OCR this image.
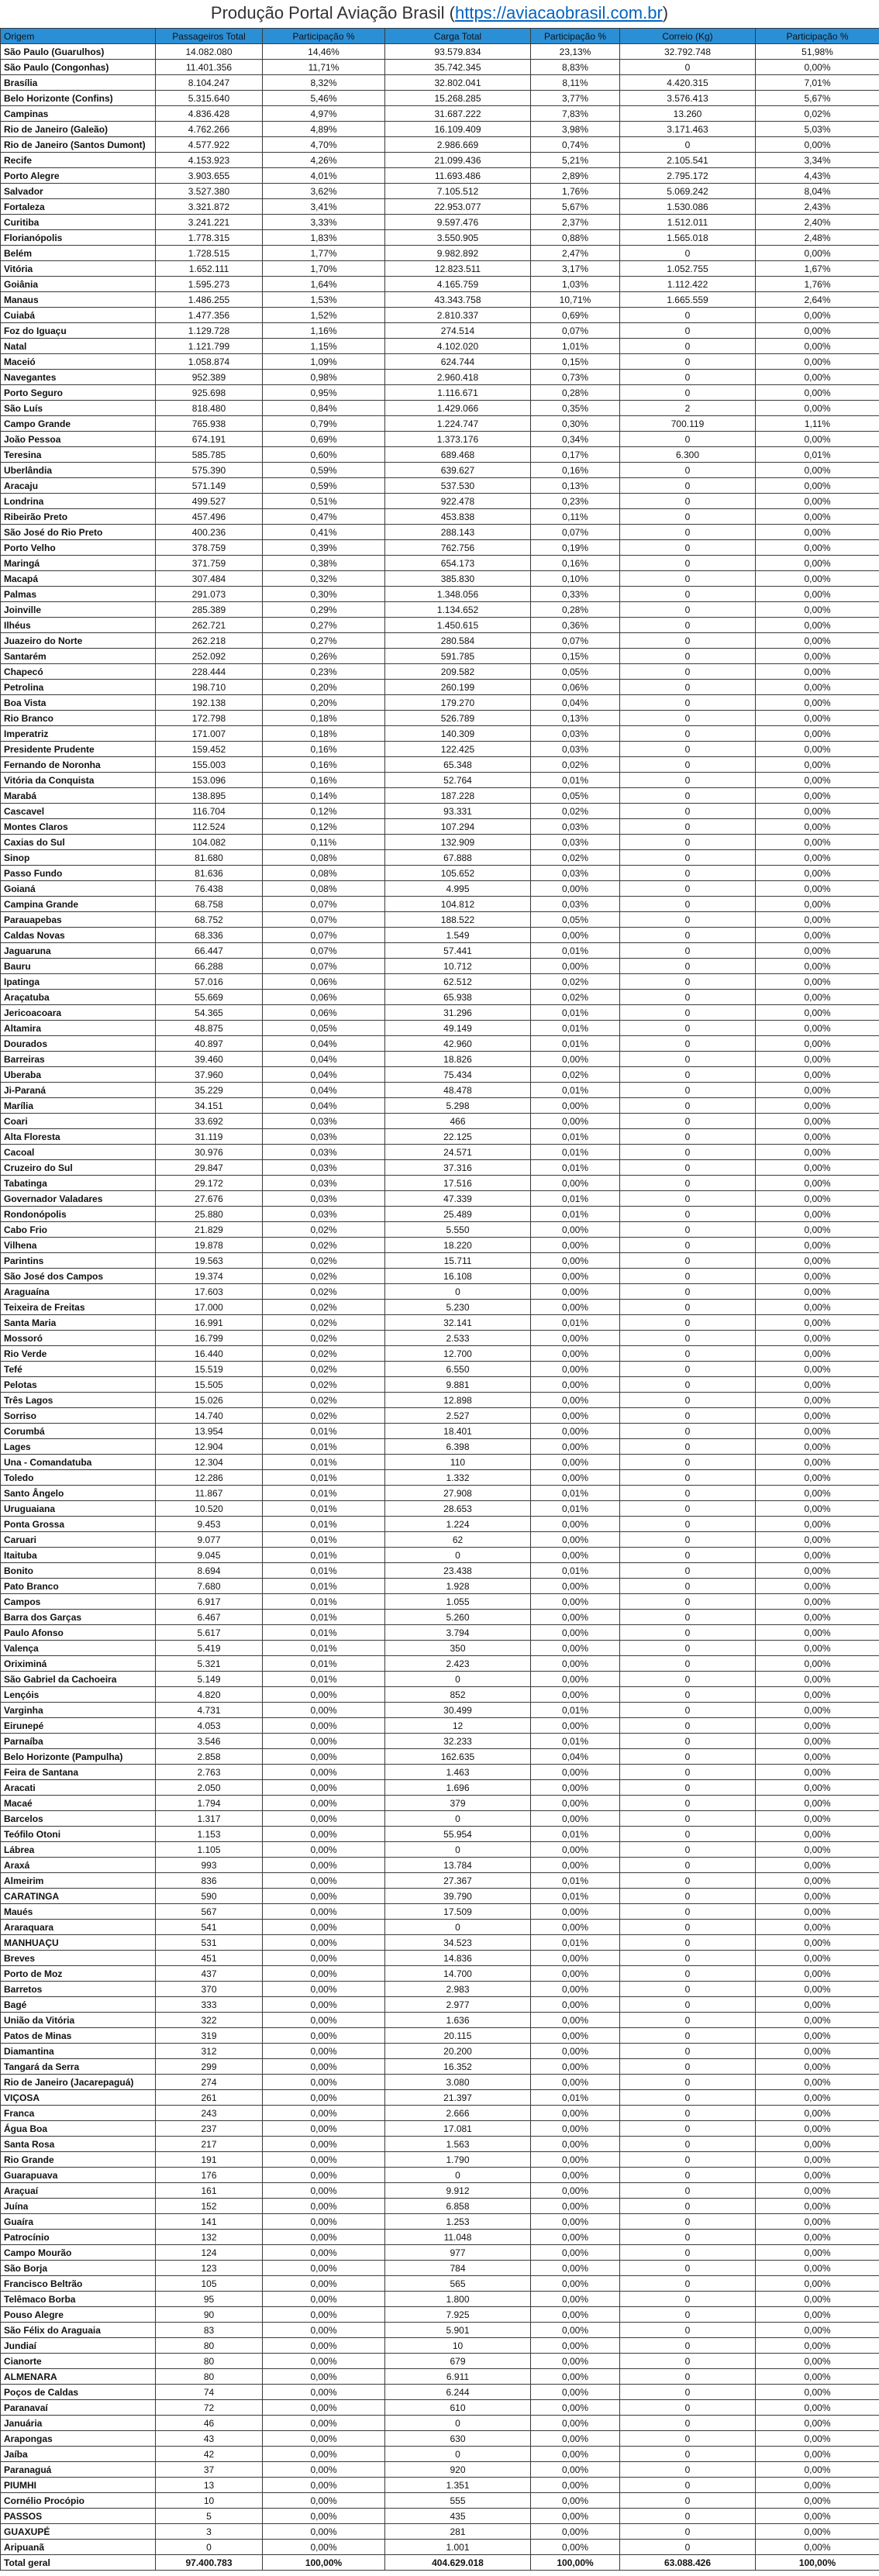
Produção Portal Aviação Brasil (https://aviacaobrasil.com.br)
Origem	Passageiros Total	Participação %	Carga Total	Participação %	Correio (Kg)	Participação %
São Paulo (Guarulhos)	14.082.080	14,46%	93.579.834	23,13%	32.792.748	51,98%
São Paulo (Congonhas)	11.401.356	11,71%	35.742.345	8,83%	0	0,00%
Brasília	8.104.247	8,32%	32.802.041	8,11%	4.420.315	7,01%
Belo Horizonte (Confins)	5.315.640	5,46%	15.268.285	3,77%	3.576.413	5,67%
Campinas	4.836.428	4,97%	31.687.222	7,83%	13.260	0,02%
Rio de Janeiro (Galeão)	4.762.266	4,89%	16.109.409	3,98%	3.171.463	5,03%
Rio de Janeiro (Santos Dumont)	4.577.922	4,70%	2.986.669	0,74%	0	0,00%
Recife	4.153.923	4,26%	21.099.436	5,21%	2.105.541	3,34%
Porto Alegre	3.903.655	4,01%	11.693.486	2,89%	2.795.172	4,43%
Salvador	3.527.380	3,62%	7.105.512	1,76%	5.069.242	8,04%
Fortaleza	3.321.872	3,41%	22.953.077	5,67%	1.530.086	2,43%
Curitiba	3.241.221	3,33%	9.597.476	2,37%	1.512.011	2,40%
Florianópolis	1.778.315	1,83%	3.550.905	0,88%	1.565.018	2,48%
Belém	1.728.515	1,77%	9.982.892	2,47%	0	0,00%
Vitória	1.652.111	1,70%	12.823.511	3,17%	1.052.755	1,67%
Goiânia	1.595.273	1,64%	4.165.759	1,03%	1.112.422	1,76%
Manaus	1.486.255	1,53%	43.343.758	10,71%	1.665.559	2,64%
Cuiabá	1.477.356	1,52%	2.810.337	0,69%	0	0,00%
Foz do Iguaçu	1.129.728	1,16%	274.514	0,07%	0	0,00%
Natal	1.121.799	1,15%	4.102.020	1,01%	0	0,00%
Maceió	1.058.874	1,09%	624.744	0,15%	0	0,00%
Navegantes	952.389	0,98%	2.960.418	0,73%	0	0,00%
Porto Seguro	925.698	0,95%	1.116.671	0,28%	0	0,00%
São Luís	818.480	0,84%	1.429.066	0,35%	2	0,00%
Campo Grande	765.938	0,79%	1.224.747	0,30%	700.119	1,11%
João Pessoa	674.191	0,69%	1.373.176	0,34%	0	0,00%
Teresina	585.785	0,60%	689.468	0,17%	6.300	0,01%
Uberlândia	575.390	0,59%	639.627	0,16%	0	0,00%
Aracaju	571.149	0,59%	537.530	0,13%	0	0,00%
Londrina	499.527	0,51%	922.478	0,23%	0	0,00%
Ribeirão Preto	457.496	0,47%	453.838	0,11%	0	0,00%
São José do Rio Preto	400.236	0,41%	288.143	0,07%	0	0,00%
Porto Velho	378.759	0,39%	762.756	0,19%	0	0,00%
Maringá	371.759	0,38%	654.173	0,16%	0	0,00%
Macapá	307.484	0,32%	385.830	0,10%	0	0,00%
Palmas	291.073	0,30%	1.348.056	0,33%	0	0,00%
Joinville	285.389	0,29%	1.134.652	0,28%	0	0,00%
Ilhéus	262.721	0,27%	1.450.615	0,36%	0	0,00%
Juazeiro do Norte	262.218	0,27%	280.584	0,07%	0	0,00%
Santarém	252.092	0,26%	591.785	0,15%	0	0,00%
Chapecó	228.444	0,23%	209.582	0,05%	0	0,00%
Petrolina	198.710	0,20%	260.199	0,06%	0	0,00%
Boa Vista	192.138	0,20%	179.270	0,04%	0	0,00%
Rio Branco	172.798	0,18%	526.789	0,13%	0	0,00%
Imperatriz	171.007	0,18%	140.309	0,03%	0	0,00%
Presidente Prudente	159.452	0,16%	122.425	0,03%	0	0,00%
Fernando de Noronha	155.003	0,16%	65.348	0,02%	0	0,00%
Vitória da Conquista	153.096	0,16%	52.764	0,01%	0	0,00%
Marabá	138.895	0,14%	187.228	0,05%	0	0,00%
Cascavel	116.704	0,12%	93.331	0,02%	0	0,00%
Montes Claros	112.524	0,12%	107.294	0,03%	0	0,00%
Caxias do Sul	104.082	0,11%	132.909	0,03%	0	0,00%
Sinop	81.680	0,08%	67.888	0,02%	0	0,00%
Passo Fundo	81.636	0,08%	105.652	0,03%	0	0,00%
Goianá	76.438	0,08%	4.995	0,00%	0	0,00%
Campina Grande	68.758	0,07%	104.812	0,03%	0	0,00%
Parauapebas	68.752	0,07%	188.522	0,05%	0	0,00%
Caldas Novas	68.336	0,07%	1.549	0,00%	0	0,00%
Jaguaruna	66.447	0,07%	57.441	0,01%	0	0,00%
Bauru	66.288	0,07%	10.712	0,00%	0	0,00%
Ipatinga	57.016	0,06%	62.512	0,02%	0	0,00%
Araçatuba	55.669	0,06%	65.938	0,02%	0	0,00%
Jericoacoara	54.365	0,06%	31.296	0,01%	0	0,00%
Altamira	48.875	0,05%	49.149	0,01%	0	0,00%
Dourados	40.897	0,04%	42.960	0,01%	0	0,00%
Barreiras	39.460	0,04%	18.826	0,00%	0	0,00%
Uberaba	37.960	0,04%	75.434	0,02%	0	0,00%
Ji-Paraná	35.229	0,04%	48.478	0,01%	0	0,00%
Marília	34.151	0,04%	5.298	0,00%	0	0,00%
Coari	33.692	0,03%	466	0,00%	0	0,00%
Alta Floresta	31.119	0,03%	22.125	0,01%	0	0,00%
Cacoal	30.976	0,03%	24.571	0,01%	0	0,00%
Cruzeiro do Sul	29.847	0,03%	37.316	0,01%	0	0,00%
Tabatinga	29.172	0,03%	17.516	0,00%	0	0,00%
Governador Valadares	27.676	0,03%	47.339	0,01%	0	0,00%
Rondonópolis	25.880	0,03%	25.489	0,01%	0	0,00%
Cabo Frio	21.829	0,02%	5.550	0,00%	0	0,00%
Vilhena	19.878	0,02%	18.220	0,00%	0	0,00%
Parintins	19.563	0,02%	15.711	0,00%	0	0,00%
São José dos Campos	19.374	0,02%	16.108	0,00%	0	0,00%
Araguaína	17.603	0,02%	0	0,00%	0	0,00%
Teixeira de Freitas	17.000	0,02%	5.230	0,00%	0	0,00%
Santa Maria	16.991	0,02%	32.141	0,01%	0	0,00%
Mossoró	16.799	0,02%	2.533	0,00%	0	0,00%
Rio Verde	16.440	0,02%	12.700	0,00%	0	0,00%
Tefé	15.519	0,02%	6.550	0,00%	0	0,00%
Pelotas	15.505	0,02%	9.881	0,00%	0	0,00%
Três Lagos	15.026	0,02%	12.898	0,00%	0	0,00%
Sorriso	14.740	0,02%	2.527	0,00%	0	0,00%
Corumbá	13.954	0,01%	18.401	0,00%	0	0,00%
Lages	12.904	0,01%	6.398	0,00%	0	0,00%
Una - Comandatuba	12.304	0,01%	110	0,00%	0	0,00%
Toledo	12.286	0,01%	1.332	0,00%	0	0,00%
Santo Ângelo	11.867	0,01%	27.908	0,01%	0	0,00%
Uruguaiana	10.520	0,01%	28.653	0,01%	0	0,00%
Ponta Grossa	9.453	0,01%	1.224	0,00%	0	0,00%
Caruari	9.077	0,01%	62	0,00%	0	0,00%
Itaituba	9.045	0,01%	0	0,00%	0	0,00%
Bonito	8.694	0,01%	23.438	0,01%	0	0,00%
Pato Branco	7.680	0,01%	1.928	0,00%	0	0,00%
Campos	6.917	0,01%	1.055	0,00%	0	0,00%
Barra dos Garças	6.467	0,01%	5.260	0,00%	0	0,00%
Paulo Afonso	5.617	0,01%	3.794	0,00%	0	0,00%
Valença	5.419	0,01%	350	0,00%	0	0,00%
Oriximiná	5.321	0,01%	2.423	0,00%	0	0,00%
São Gabriel da Cachoeira	5.149	0,01%	0	0,00%	0	0,00%
Lençóis	4.820	0,00%	852	0,00%	0	0,00%
Varginha	4.731	0,00%	30.499	0,01%	0	0,00%
Eirunepé	4.053	0,00%	12	0,00%	0	0,00%
Parnaíba	3.546	0,00%	32.233	0,01%	0	0,00%
Belo Horizonte (Pampulha)	2.858	0,00%	162.635	0,04%	0	0,00%
Feira de Santana	2.763	0,00%	1.463	0,00%	0	0,00%
Aracati	2.050	0,00%	1.696	0,00%	0	0,00%
Macaé	1.794	0,00%	379	0,00%	0	0,00%
Barcelos	1.317	0,00%	0	0,00%	0	0,00%
Teófilo Otoni	1.153	0,00%	55.954	0,01%	0	0,00%
Lábrea	1.105	0,00%	0	0,00%	0	0,00%
Araxá	993	0,00%	13.784	0,00%	0	0,00%
Almeirim	836	0,00%	27.367	0,01%	0	0,00%
CARATINGA	590	0,00%	39.790	0,01%	0	0,00%
Maués	567	0,00%	17.509	0,00%	0	0,00%
Araraquara	541	0,00%	0	0,00%	0	0,00%
MANHUAÇU	531	0,00%	34.523	0,01%	0	0,00%
Breves	451	0,00%	14.836	0,00%	0	0,00%
Porto de Moz	437	0,00%	14.700	0,00%	0	0,00%
Barretos	370	0,00%	2.983	0,00%	0	0,00%
Bagé	333	0,00%	2.977	0,00%	0	0,00%
União da Vitória	322	0,00%	1.636	0,00%	0	0,00%
Patos de Minas	319	0,00%	20.115	0,00%	0	0,00%
Diamantina	312	0,00%	20.200	0,00%	0	0,00%
Tangará da Serra	299	0,00%	16.352	0,00%	0	0,00%
Rio de Janeiro (Jacarepaguá)	274	0,00%	3.080	0,00%	0	0,00%
VIÇOSA	261	0,00%	21.397	0,01%	0	0,00%
Franca	243	0,00%	2.666	0,00%	0	0,00%
Água Boa	237	0,00%	17.081	0,00%	0	0,00%
Santa Rosa	217	0,00%	1.563	0,00%	0	0,00%
Rio Grande	191	0,00%	1.790	0,00%	0	0,00%
Guarapuava	176	0,00%	0	0,00%	0	0,00%
Araçuaí	161	0,00%	9.912	0,00%	0	0,00%
Juína	152	0,00%	6.858	0,00%	0	0,00%
Guaíra	141	0,00%	1.253	0,00%	0	0,00%
Patrocínio	132	0,00%	11.048	0,00%	0	0,00%
Campo Mourão	124	0,00%	977	0,00%	0	0,00%
São Borja	123	0,00%	784	0,00%	0	0,00%
Francisco Beltrão	105	0,00%	565	0,00%	0	0,00%
Telêmaco Borba	95	0,00%	1.800	0,00%	0	0,00%
Pouso Alegre	90	0,00%	7.925	0,00%	0	0,00%
São Félix do Araguaia	83	0,00%	5.901	0,00%	0	0,00%
Jundiaí	80	0,00%	10	0,00%	0	0,00%
Cianorte	80	0,00%	679	0,00%	0	0,00%
ALMENARA	80	0,00%	6.911	0,00%	0	0,00%
Poços de Caldas	74	0,00%	6.244	0,00%	0	0,00%
Paranavaí	72	0,00%	610	0,00%	0	0,00%
Januária	46	0,00%	0	0,00%	0	0,00%
Arapongas	43	0,00%	630	0,00%	0	0,00%
Jaíba	42	0,00%	0	0,00%	0	0,00%
Paranaguá	37	0,00%	920	0,00%	0	0,00%
PIUMHI	13	0,00%	1.351	0,00%	0	0,00%
Cornélio Procópio	10	0,00%	555	0,00%	0	0,00%
PASSOS	5	0,00%	435	0,00%	0	0,00%
GUAXUPÉ	3	0,00%	281	0,00%	0	0,00%
Aripuanã	0	0,00%	1.001	0,00%	0	0,00%
Total geral	97.400.783	100,00%	404.629.018	100,00%	63.088.426	100,00%
